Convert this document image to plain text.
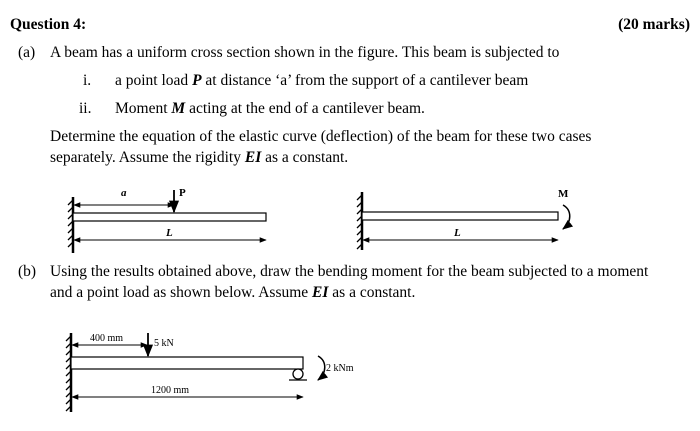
Question 4:	(20 marks)
(a) A beam has a uniform cross section shown in the figure. This beam is subjected to
i. a point load P at distance ‘a’ from the support of a cantilever beam
ii. Moment M acting at the end of a cantilever beam.
Determine the equation of the elastic curve (deflection) of the beam for these two cases
separately. Assume the rigidity EI as a constant.
(b) Using the results obtained above, draw the bending moment for the beam subjected to a moment
and a point load as shown below. Assume EI as a constant.
a	P
L
M
L
400 mm	5 kN
2 kNm
1200 mm
